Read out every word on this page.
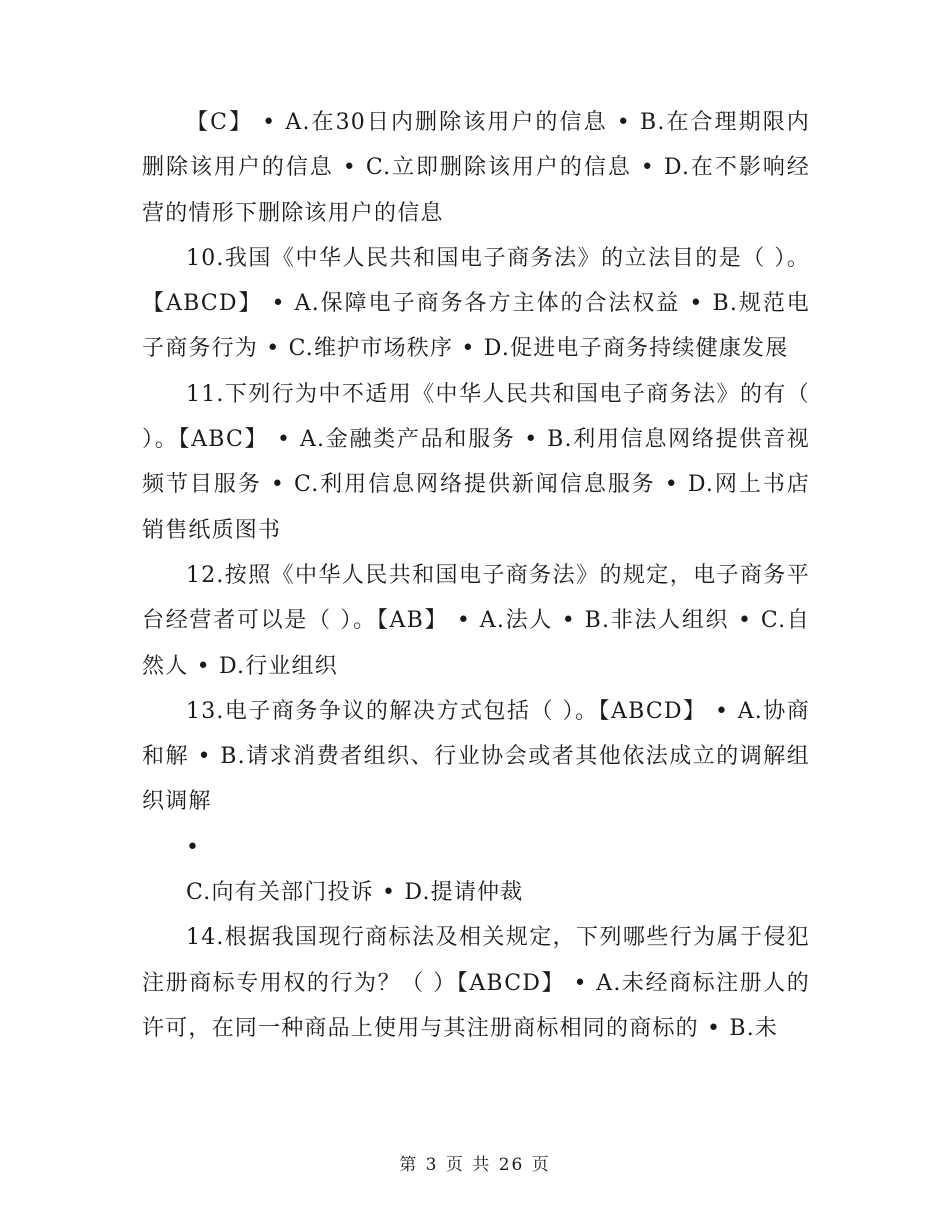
【C】 • A.在30日内删除该用户的信息 • B.在合理期限内删除该用户的信息 • C.立即删除该用户的信息 • D.在不影响经营的情形下删除该用户的信息

10.我国《中华人民共和国电子商务法》的立法目的是（ ）。【ABCD】 • A.保障电子商务各方主体的合法权益 • B.规范电子商务行为 • C.维护市场秩序 • D.促进电子商务持续健康发展

11.下列行为中不适用《中华人民共和国电子商务法》的有（ ）。【ABC】 • A.金融类产品和服务 • B.利用信息网络提供音视频节目服务 • C.利用信息网络提供新闻信息服务 • D.网上书店销售纸质图书

12.按照《中华人民共和国电子商务法》的规定，电子商务平台经营者可以是（ ）。【AB】 • A.法人 • B.非法人组织 • C.自然人 • D.行业组织

13.电子商务争议的解决方式包括（ ）。【ABCD】 • A.协商和解 • B.请求消费者组织、行业协会或者其他依法成立的调解组织调解

•

C.向有关部门投诉 • D.提请仲裁

14.根据我国现行商标法及相关规定，下列哪些行为属于侵犯注册商标专用权的行为？（ ）【ABCD】 • A.未经商标注册人的许可，在同一种商品上使用与其注册商标相同的商标的 • B.未

第 3 页 共 26 页
